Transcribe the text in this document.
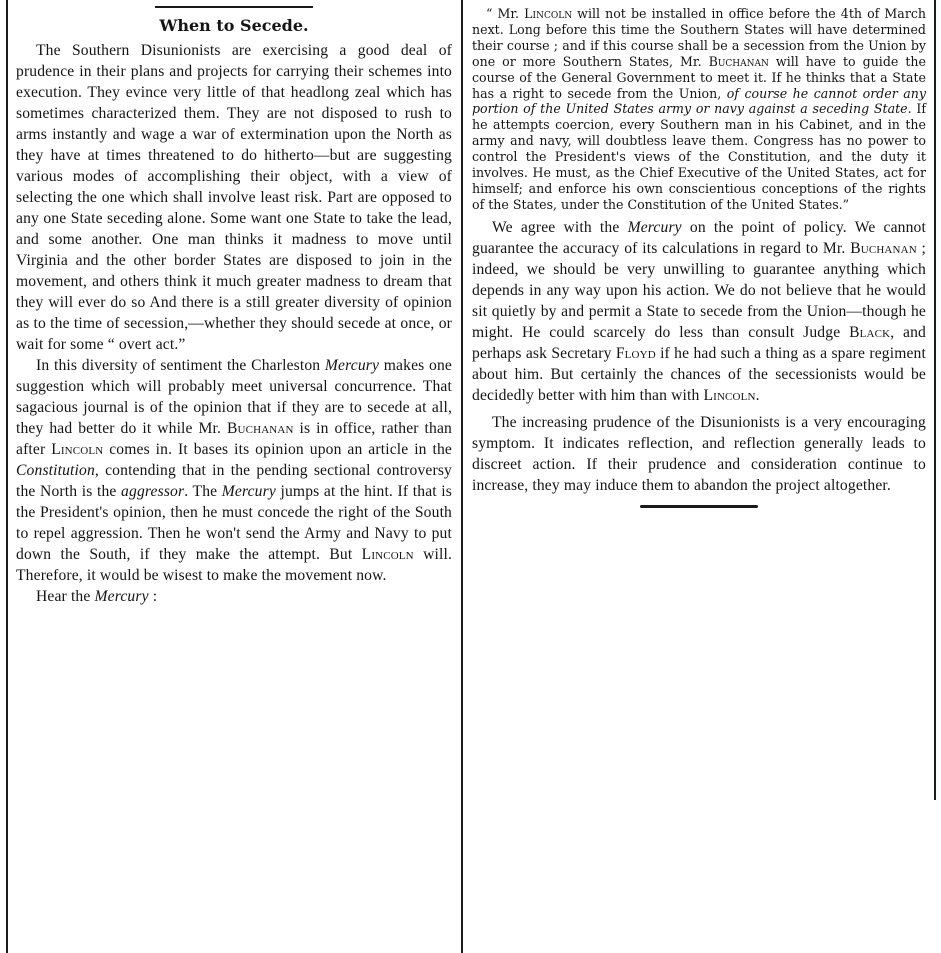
When to Secede.

The Southern Disunionists are exercising a good deal of prudence in their plans and projects for carrying their schemes into execution. They evince very little of that headlong zeal which has sometimes characterized them. They are not disposed to rush to arms instantly and wage a war of extermination upon the North as they have at times threatened to do hitherto—but are suggesting various modes of accomplishing their object, with a view of selecting the one which shall involve least risk. Part are opposed to any one State seceding alone. Some want one State to take the lead, and some another. One man thinks it madness to move until Virginia and the other border States are disposed to join in the movement, and others think it much greater madness to dream that they will ever do so And there is a still greater diversity of opinion as to the time of secession,—whether they should secede at once, or wait for some “ overt act.”

In this diversity of sentiment the Charleston Mercury makes one suggestion which will probably meet universal concurrence. That sagacious journal is of the opinion that if they are to secede at all, they had better do it while Mr. Buchanan is in office, rather than after Lincoln comes in. It bases its opinion upon an article in the Constitution, contending that in the pending sectional controversy the North is the aggressor. The Mercury jumps at the hint. If that is the President's opinion, then he must concede the right of the South to repel aggression. Then he won't send the Army and Navy to put down the South, if they make the attempt. But Lincoln will. Therefore, it would be wisest to make the movement now.

Hear the Mercury :

“ Mr. Lincoln will not be installed in office before the 4th of March next. Long before this time the Southern States will have determined their course ; and if this course shall be a secession from the Union by one or more Southern States, Mr. Buchanan will have to guide the course of the General Government to meet it. If he thinks that a State has a right to secede from the Union, of course he cannot order any portion of the United States army or navy against a seceding State. If he attempts coercion, every Southern man in his Cabinet, and in the army and navy, will doubtless leave them. Congress has no power to control the President's views of the Constitution, and the duty it involves. He must, as the Chief Executive of the United States, act for himself; and enforce his own conscientious conceptions of the rights of the States, under the Constitution of the United States.”

We agree with the Mercury on the point of policy. We cannot guarantee the accuracy of its calculations in regard to Mr. Buchanan ; indeed, we should be very unwilling to guarantee anything which depends in any way upon his action. We do not believe that he would sit quietly by and permit a State to secede from the Union—though he might. He could scarcely do less than consult Judge Black, and perhaps ask Secretary Floyd if he had such a thing as a spare regiment about him. But certainly the chances of the secessionists would be decidedly better with him than with Lincoln.

The increasing prudence of the Disunionists is a very encouraging symptom. It indicates reflection, and reflection generally leads to discreet action. If their prudence and consideration continue to increase, they may induce them to abandon the project altogether.
